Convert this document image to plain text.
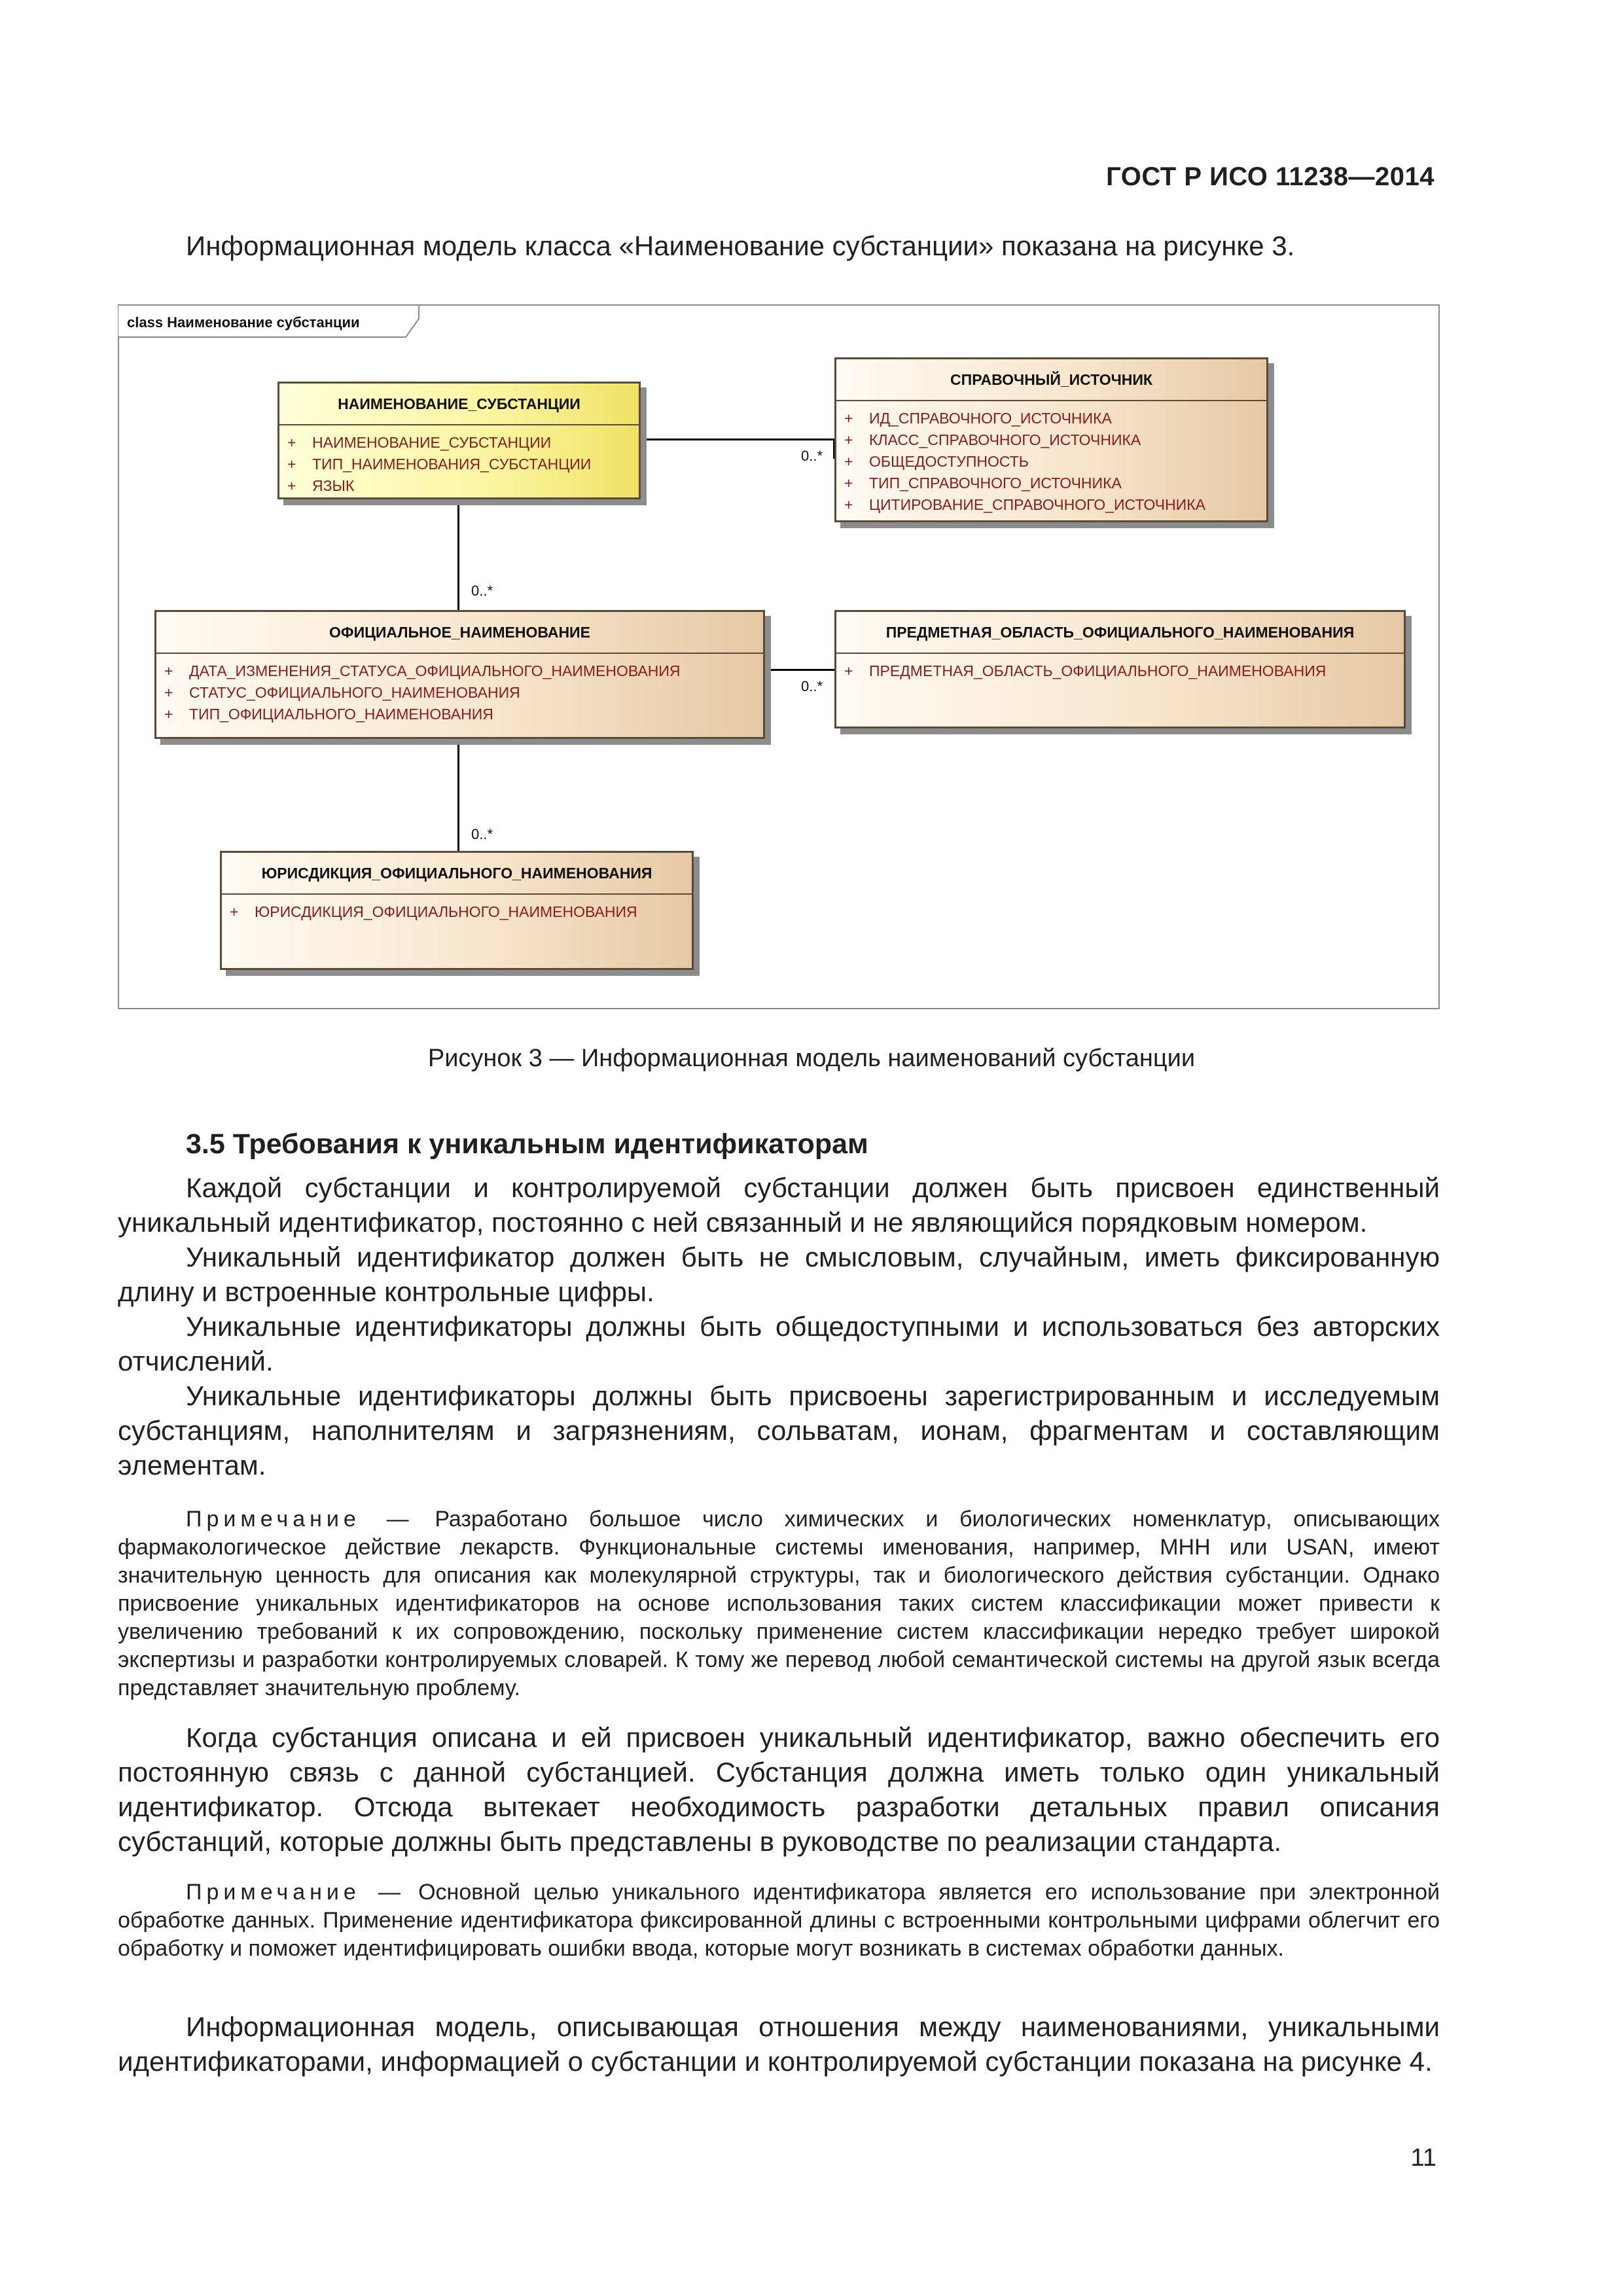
ГОСТ Р ИСО 11238—2014
Информационная модель класса «Наименование субстанции» показана на рисунке 3.
class Наименование субстанции
0..*
0..*
0..*
0..*
НАИМЕНОВАНИЕ_СУБСТАНЦИИ
+ НАИМЕНОВАНИЕ_СУБСТАНЦИИ
+ ТИП_НАИМЕНОВАНИЯ_СУБСТАНЦИИ
+ ЯЗЫК
СПРАВОЧНЫЙ_ИСТОЧНИК
+ ИД_СПРАВОЧНОГО_ИСТОЧНИКА
+ КЛАСС_СПРАВОЧНОГО_ИСТОЧНИКА
+ ОБЩЕДОСТУПНОСТЬ
+ ТИП_СПРАВОЧНОГО_ИСТОЧНИКА
+ ЦИТИРОВАНИЕ_СПРАВОЧНОГО_ИСТОЧНИКА
ОФИЦИАЛЬНОЕ_НАИМЕНОВАНИЕ
+ ДАТА_ИЗМЕНЕНИЯ_СТАТУСА_ОФИЦИАЛЬНОГО_НАИМЕНОВАНИЯ
+ СТАТУС_ОФИЦИАЛЬНОГО_НАИМЕНОВАНИЯ
+ ТИП_ОФИЦИАЛЬНОГО_НАИМЕНОВАНИЯ
ПРЕДМЕТНАЯ_ОБЛАСТЬ_ОФИЦИАЛЬНОГО_НАИМЕНОВАНИЯ
+ ПРЕДМЕТНАЯ_ОБЛАСТЬ_ОФИЦИАЛЬНОГО_НАИМЕНОВАНИЯ
ЮРИСДИКЦИЯ_ОФИЦИАЛЬНОГО_НАИМЕНОВАНИЯ
+ ЮРИСДИКЦИЯ_ОФИЦИАЛЬНОГО_НАИМЕНОВАНИЯ
Рисунок 3 — Информационная модель наименований субстанции
3.5 Требования к уникальным идентификаторам

Каждой субстанции и контролируемой субстанции должен быть присвоен единственный уникальный идентификатор, постоянно с ней связанный и не являющийся порядковым номером.

Уникальный идентификатор должен быть не смысловым, случайным, иметь фиксированную длину и встроенные контрольные цифры.

Уникальные идентификаторы должны быть общедоступными и использоваться без авторских отчислений.

Уникальные идентификаторы должны быть присвоены зарегистрированным и исследуемым субстанциям, наполнителям и загрязнениям, сольватам, ионам, фрагментам и составляющим элементам.

Примечание — Разработано большое число химических и биологических номенклатур, описывающих фармакологическое действие лекарств. Функциональные системы именования, например, МНН или USAN, имеют значительную ценность для описания как молекулярной структуры, так и биологического действия субстанции. Однако присвоение уникальных идентификаторов на основе использования таких систем классификации может привести к увеличению требований к их сопровождению, поскольку применение систем классификации нередко требует широкой экспертизы и разработки контролируемых словарей. К тому же перевод любой семантической системы на другой язык всегда представляет значительную проблему.

Когда субстанция описана и ей присвоен уникальный идентификатор, важно обеспечить его постоянную связь с данной субстанцией. Субстанция должна иметь только один уникальный идентификатор. Отсюда вытекает необходимость разработки детальных правил описания субстанций, которые должны быть представлены в руководстве по реализации стандарта.

Примечание — Основной целью уникального идентификатора является его использование при электронной обработке данных. Применение идентификатора фиксированной длины с встроенными контрольными цифрами облегчит его обработку и поможет идентифицировать ошибки ввода, которые могут возникать в системах обработки данных.

Информационная модель, описывающая отношения между наименованиями, уникальными идентификаторами, информацией о субстанции и контролируемой субстанции показана на рисунке 4.

11
